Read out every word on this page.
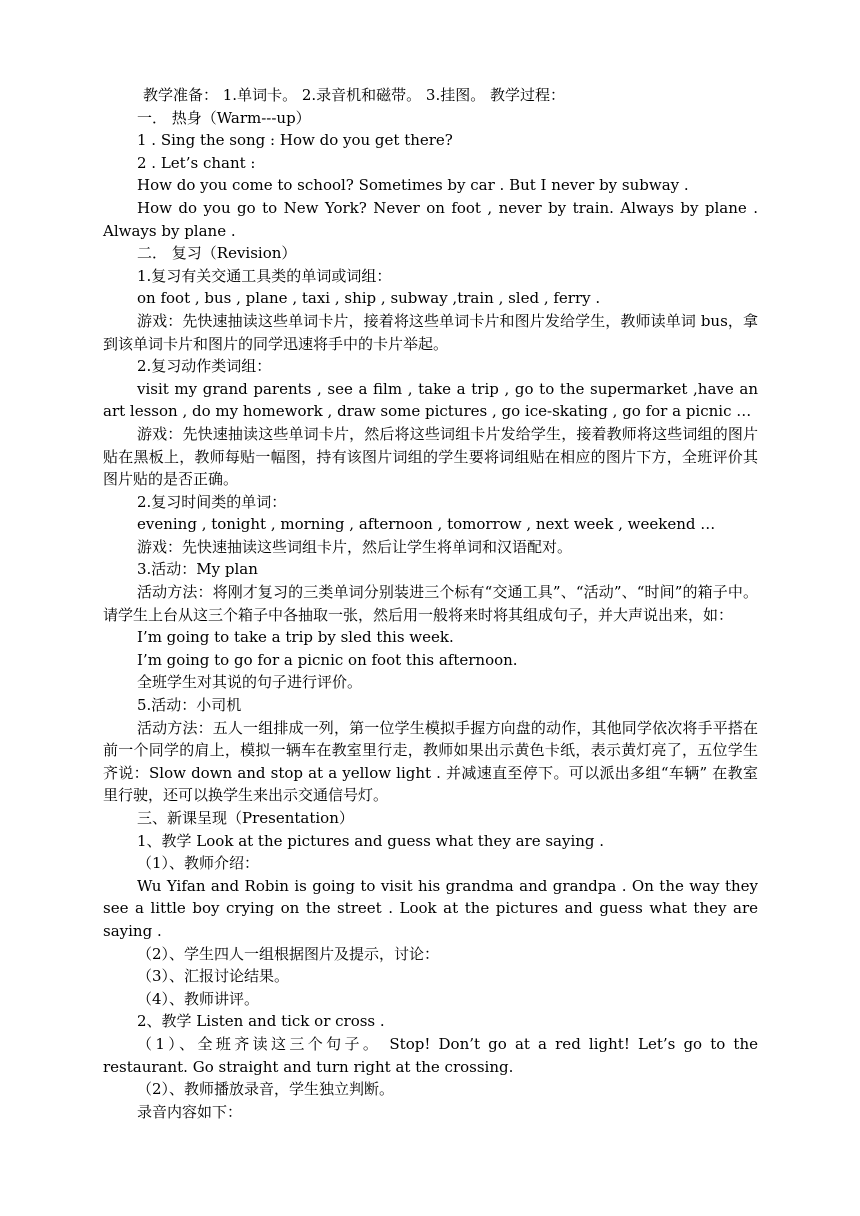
教学准备： 1.单词卡。 2.录音机和磁带。 3.挂图。 教学过程：

一． 热身（Warm---up）

1 . Sing the song : How do you get there?

2 . Let’s chant :

How do you come to school? Sometimes by car . But I never by subway .

How do you go to New York? Never on foot , never by train. Always by plane . Always by plane .

二． 复习（Revision）

1.复习有关交通工具类的单词或词组：

on foot , bus , plane , taxi , ship , subway ,train , sled , ferry .

游戏：先快速抽读这些单词卡片，接着将这些单词卡片和图片发给学生，教师读单词 bus，拿到该单词卡片和图片的同学迅速将手中的卡片举起。

2.复习动作类词组：

visit my grand parents , see a film , take a trip , go to the supermarket ,have an art lesson , do my homework , draw some pictures , go ice-skating , go for a picnic …

游戏：先快速抽读这些单词卡片，然后将这些词组卡片发给学生，接着教师将这些词组的图片贴在黑板上，教师每贴一幅图，持有该图片词组的学生要将词组贴在相应的图片下方，全班评价其图片贴的是否正确。

2.复习时间类的单词：

evening , tonight , morning , afternoon , tomorrow , next week , weekend …

游戏：先快速抽读这些词组卡片，然后让学生将单词和汉语配对。

3.活动：My plan

活动方法：将刚才复习的三类单词分别装进三个标有“交通工具”、“活动”、“时间”的箱子中。请学生上台从这三个箱子中各抽取一张，然后用一般将来时将其组成句子，并大声说出来，如：

I’m going to take a trip by sled this week.

I’m going to go for a picnic on foot this afternoon.

全班学生对其说的句子进行评价。

5.活动：小司机

活动方法：五人一组排成一列，第一位学生模拟手握方向盘的动作，其他同学依次将手平搭在前一个同学的肩上，模拟一辆车在教室里行走，教师如果出示黄色卡纸，表示黄灯亮了，五位学生齐说：Slow down and stop at a yellow light . 并减速直至停下。可以派出多组“车辆” 在教室里行驶，还可以换学生来出示交通信号灯。

三、新课呈现（Presentation）

1、教学 Look at the pictures and guess what they are saying .

（1）、教师介绍：

Wu Yifan and Robin is going to visit his grandma and grandpa . On the way they see a little boy crying on the street . Look at the pictures and guess what they are saying .

（2）、学生四人一组根据图片及提示，讨论：

（3）、汇报讨论结果。

（4）、教师讲评。

2、教学 Listen and tick or cross .

（1）、全班齐读这三个句子。 Stop! Don’t go at a red light! Let’s go to the restaurant. Go straight and turn right at the crossing.

（2）、教师播放录音，学生独立判断。

录音内容如下：
